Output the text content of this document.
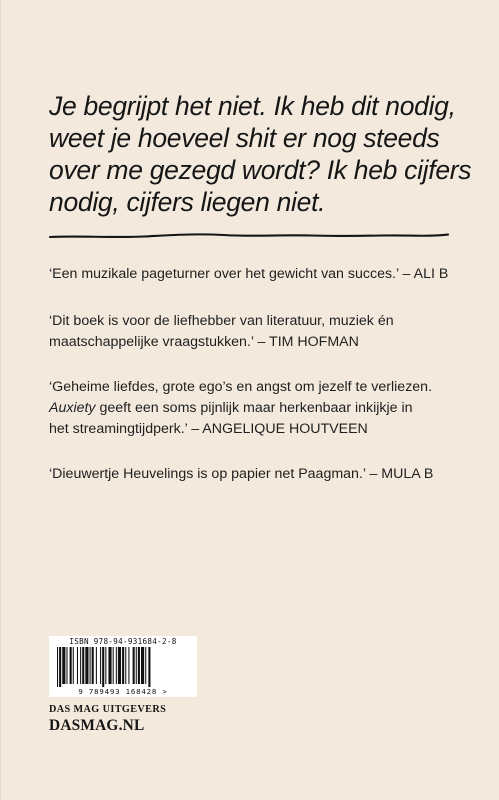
Je begrijpt het niet. Ik heb dit nodig,
weet je hoeveel shit er nog steeds
over me gezegd wordt? Ik heb cijfers
nodig, cijfers liegen niet.

‘Een muzikale pageturner over het gewicht van succes.’ – ALI B

‘Dit boek is voor de liefhebber van literatuur, muziek én
maatschappelijke vraagstukken.’ – TIM HOFMAN

‘Geheime liefdes, grote ego’s en angst om jezelf te verliezen.
Auxiety geeft een soms pijnlijk maar herkenbaar inkijkje in
het streamingtijdperk.’ – ANGELIQUE HOUTVEEN

‘Dieuwertje Heuvelings is op papier net Paagman.’ – MULA B

ISBN 978-94-931684-2-8
9 789493 168428 >
DAS MAG UITGEVERS
DASMAG.NL
